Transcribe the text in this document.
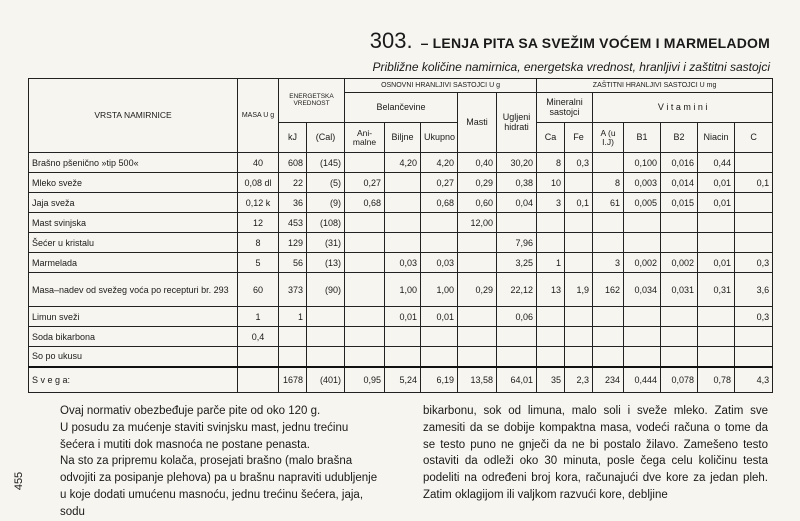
303. – LENJA PITA SA SVEŽIM VOĆEM I MARMELADOM
Približne količine namirnica, energetska vrednost, hranljivi i zaštitni sastojci
VRSTA NAMIRNICE	MASA U g	ENERGETSKA VREDNOST		OSNOVNI HRANLJIVI SASTOJCI U g					ZAŠTITNI HRANLJIVI SASTOJCI U mg						
				Belančevine			Masti	Ugljeni hidrati	Mineralni sastojci		V i t a m i n i				
		kJ	(Cal)	Ani-malne	Biljne	Ukupno			Ca	Fe	A (u I.J)	B1	B2	Niacin	C
Brašno pšenično »tip 500«	40	608	(145)		4,20	4,20	0,40	30,20	8	0,3		0,100	0,016	0,44	
Mleko sveže	0,08 dl	22	(5)	0,27		0,27	0,29	0,38	10		8	0,003	0,014	0,01	0,1
Jaja sveža	0,12 k	36	(9)	0,68		0,68	0,60	0,04	3	0,1	61	0,005	0,015	0,01	
Mast svinjska	12	453	(108)				12,00								
Šećer u kristalu	8	129	(31)					7,96							
Marmelada	5	56	(13)		0,03	0,03		3,25	1		3	0,002	0,002	0,01	0,3
Masa–nadev od svežeg voća po recepturi br. 293	60	373	(90)		1,00	1,00	0,29	22,12	13	1,9	162	0,034	0,031	0,31	3,6
Limun sveži	1	1			0,01	0,01		0,06							0,3
Soda bikarbona	0,4														
So po ukusu															
S v e g a:		1678	(401)	0,95	5,24	6,19	13,58	64,01	35	2,3	234	0,444	0,078	0,78	4,3

Ovaj normativ obezbeđuje parče pite od oko 120 g.

U posudu za mućenje staviti svinjsku mast, jednu trećinu šećera i mutiti dok masnoća ne postane penasta.

Na sto za pripremu kolača, prosejati brašno (malo brašna odvojiti za posipanje plehova) pa u brašnu napraviti udubljenje u koje dodati umućenu masnoću, jednu trećinu šećera, jaja, sodu

bikarbonu, sok od limuna, malo soli i sveže mleko. Zatim sve zamesiti da se dobije kompaktna masa, vodeći računa o tome da se testo puno ne gnječi da ne bi postalo žilavo. Zamešeno testo ostaviti da odleži oko 30 minuta, posle čega celu količinu testa podeliti na određeni broj kora, računajući dve kore za jedan pleh. Zatim oklagijom ili valjkom razvući kore, debljine

455
